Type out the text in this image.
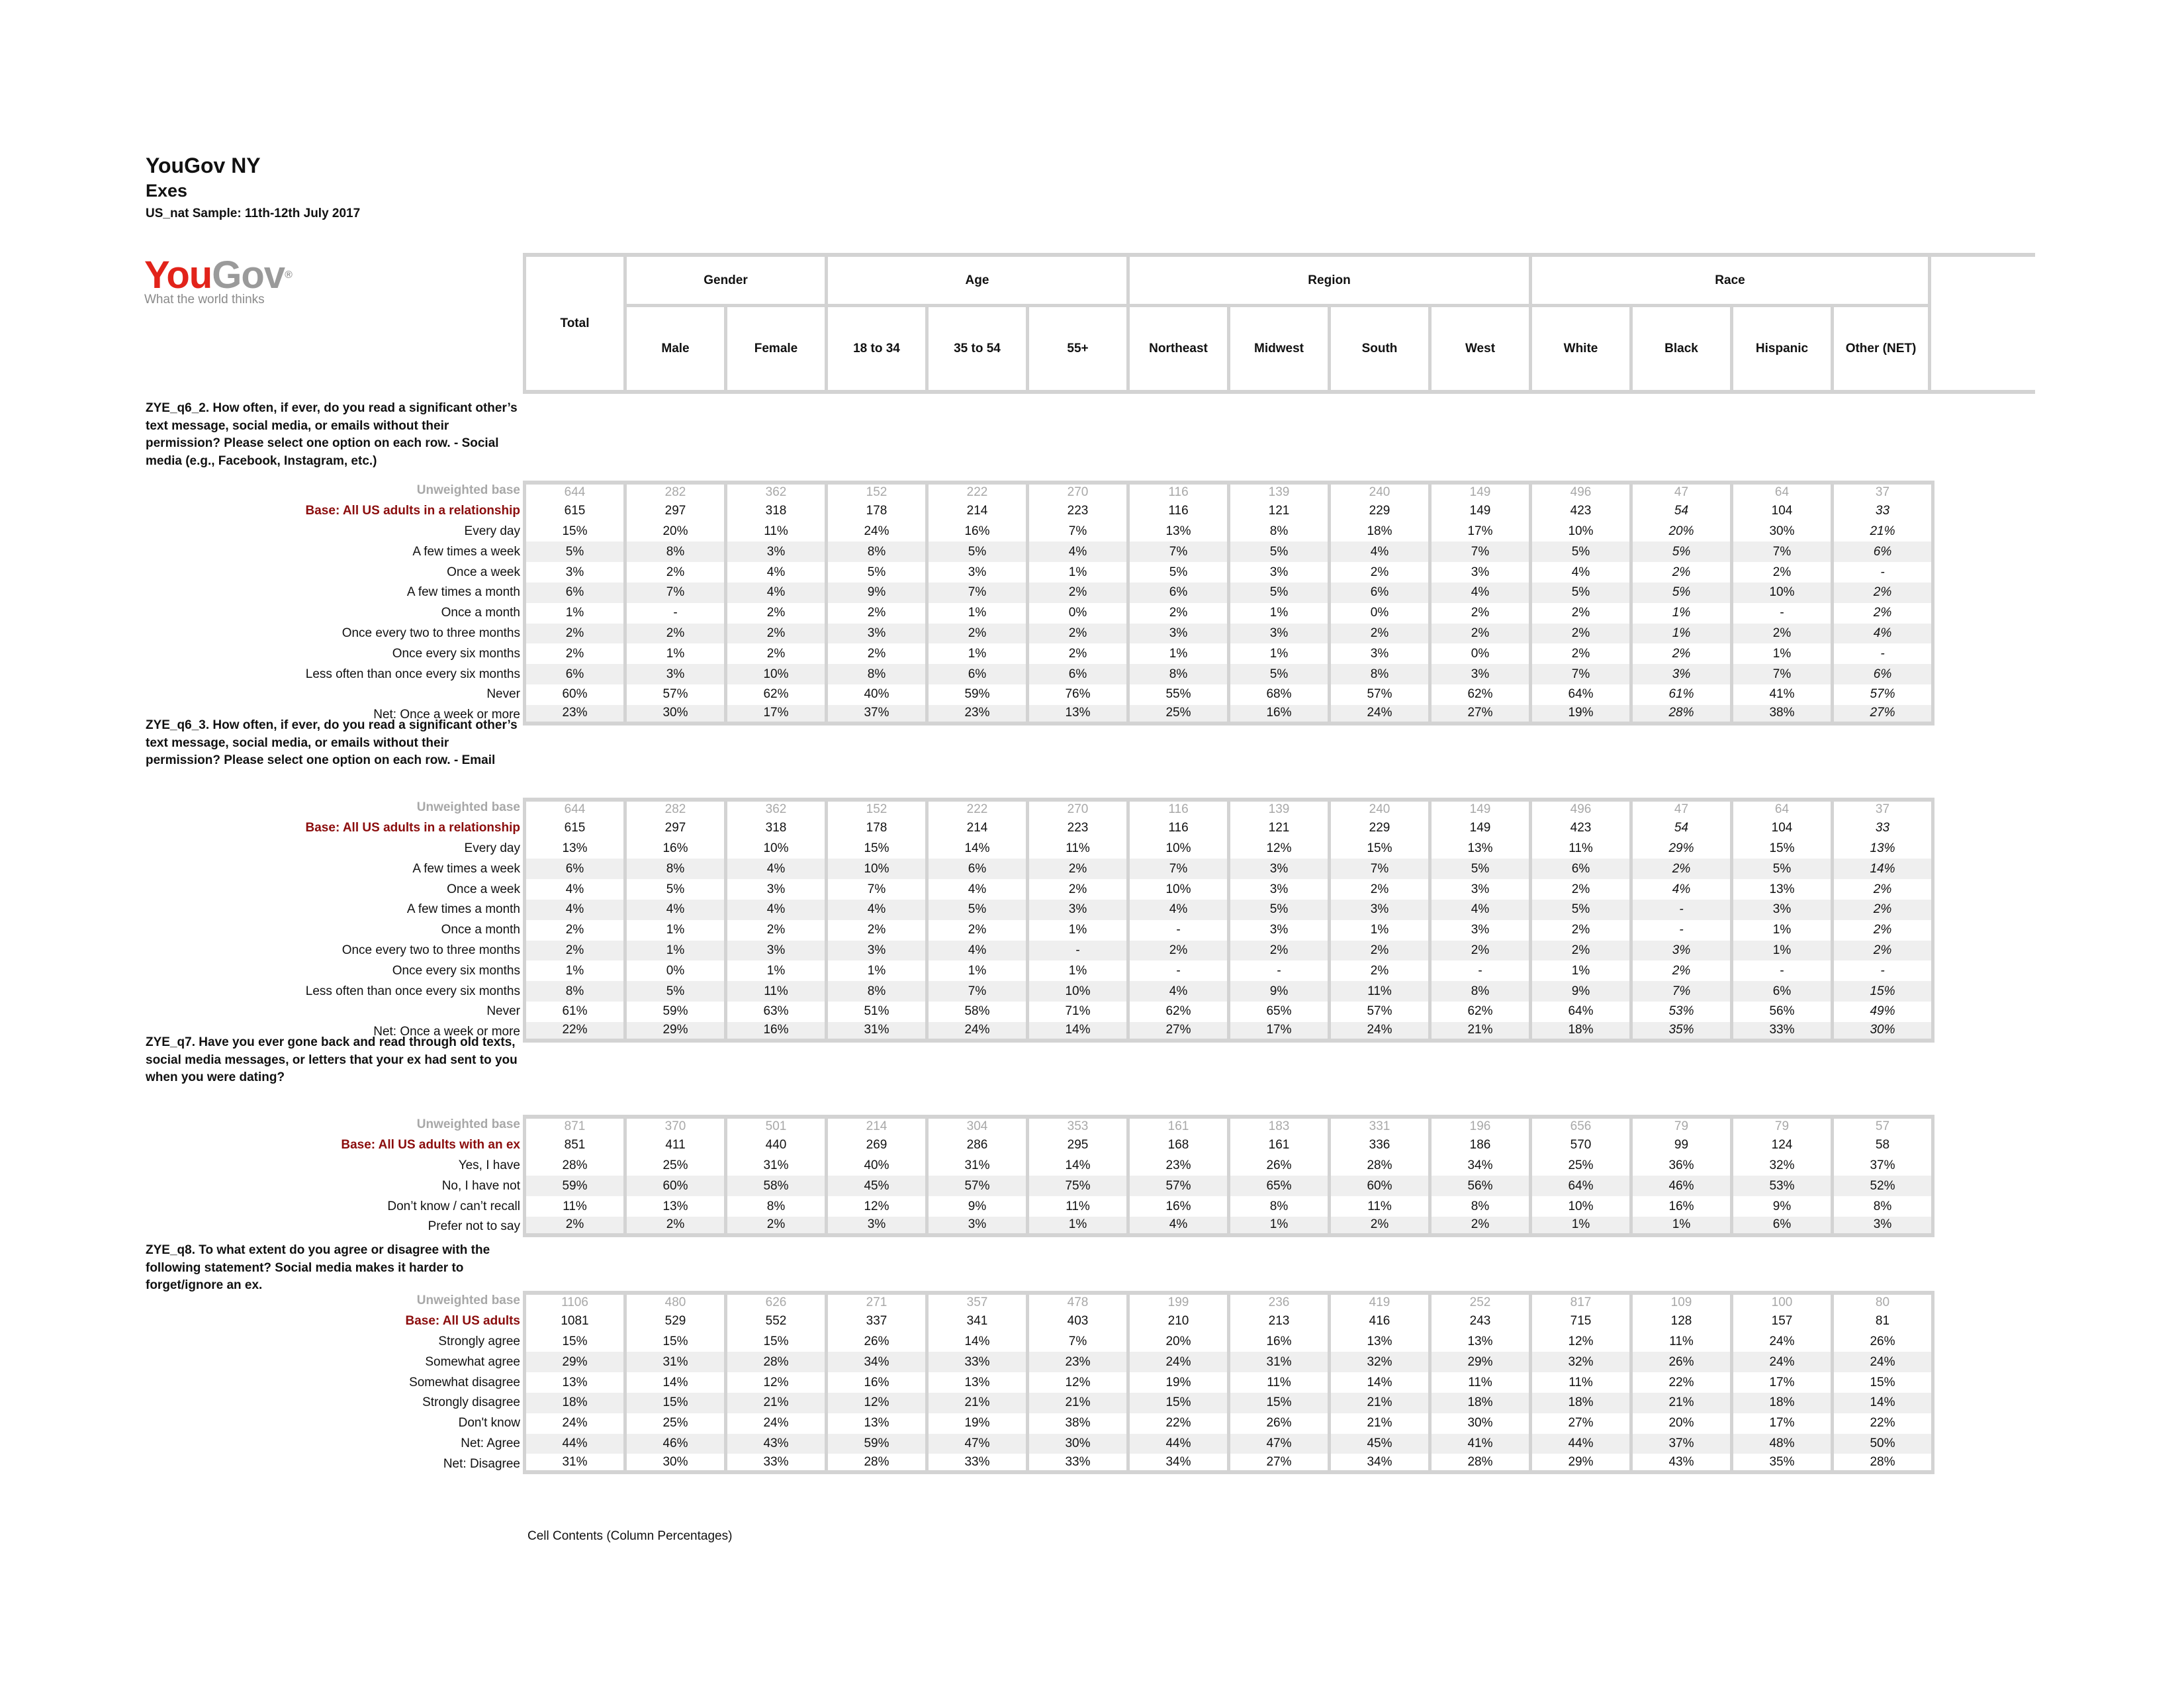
YouGov NY
Exes
US_nat Sample: 11th-12th July 2017
YouGov®
What the world thinks
Total	Gender		Age			Region				Race			
	Male	Female	18 to 34	35 to 54	55+	Northeast	Midwest	South	West	White	Black	Hispanic	Other (NET)
ZYE_q6_2. How often, if ever, do you read a significant other’s text message, social media, or emails without their permission? Please select one option on each row. - Social media (e.g., Facebook, Instagram, etc.)
Unweighted base	644	282	362	152	222	270	116	139	240	149	496	47	64	37
Base: All US adults in a relationship	615	297	318	178	214	223	116	121	229	149	423	54	104	33
Every day	15%	20%	11%	24%	16%	7%	13%	8%	18%	17%	10%	20%	30%	21%
A few times a week	5%	8%	3%	8%	5%	4%	7%	5%	4%	7%	5%	5%	7%	6%
Once a week	3%	2%	4%	5%	3%	1%	5%	3%	2%	3%	4%	2%	2%	-
A few times a month	6%	7%	4%	9%	7%	2%	6%	5%	6%	4%	5%	5%	10%	2%
Once a month	1%	-	2%	2%	1%	0%	2%	1%	0%	2%	2%	1%	-	2%
Once every two to three months	2%	2%	2%	3%	2%	2%	3%	3%	2%	2%	2%	1%	2%	4%
Once every six months	2%	1%	2%	2%	1%	2%	1%	1%	3%	0%	2%	2%	1%	-
Less often than once every six months	6%	3%	10%	8%	6%	6%	8%	5%	8%	3%	7%	3%	7%	6%
Never	60%	57%	62%	40%	59%	76%	55%	68%	57%	62%	64%	61%	41%	57%
Net: Once a week or more	23%	30%	17%	37%	23%	13%	25%	16%	24%	27%	19%	28%	38%	27%
ZYE_q6_3. How often, if ever, do you read a significant other’s text message, social media, or emails without their permission? Please select one option on each row. - Email
Unweighted base	644	282	362	152	222	270	116	139	240	149	496	47	64	37
Base: All US adults in a relationship	615	297	318	178	214	223	116	121	229	149	423	54	104	33
Every day	13%	16%	10%	15%	14%	11%	10%	12%	15%	13%	11%	29%	15%	13%
A few times a week	6%	8%	4%	10%	6%	2%	7%	3%	7%	5%	6%	2%	5%	14%
Once a week	4%	5%	3%	7%	4%	2%	10%	3%	2%	3%	2%	4%	13%	2%
A few times a month	4%	4%	4%	4%	5%	3%	4%	5%	3%	4%	5%	-	3%	2%
Once a month	2%	1%	2%	2%	2%	1%	-	3%	1%	3%	2%	-	1%	2%
Once every two to three months	2%	1%	3%	3%	4%	-	2%	2%	2%	2%	2%	3%	1%	2%
Once every six months	1%	0%	1%	1%	1%	1%	-	-	2%	-	1%	2%	-	-
Less often than once every six months	8%	5%	11%	8%	7%	10%	4%	9%	11%	8%	9%	7%	6%	15%
Never	61%	59%	63%	51%	58%	71%	62%	65%	57%	62%	64%	53%	56%	49%
Net: Once a week or more	22%	29%	16%	31%	24%	14%	27%	17%	24%	21%	18%	35%	33%	30%
ZYE_q7. Have you ever gone back and read through old texts, social media messages, or letters that your ex had sent to you when you were dating?
Unweighted base	871	370	501	214	304	353	161	183	331	196	656	79	79	57
Base: All US adults with an ex	851	411	440	269	286	295	168	161	336	186	570	99	124	58
Yes, I have	28%	25%	31%	40%	31%	14%	23%	26%	28%	34%	25%	36%	32%	37%
No, I have not	59%	60%	58%	45%	57%	75%	57%	65%	60%	56%	64%	46%	53%	52%
Don’t know / can’t recall	11%	13%	8%	12%	9%	11%	16%	8%	11%	8%	10%	16%	9%	8%
Prefer not to say	2%	2%	2%	3%	3%	1%	4%	1%	2%	2%	1%	1%	6%	3%
ZYE_q8. To what extent do you agree or disagree with the following statement? Social media makes it harder to forget/ignore an ex.
Unweighted base	1106	480	626	271	357	478	199	236	419	252	817	109	100	80
Base: All US adults	1081	529	552	337	341	403	210	213	416	243	715	128	157	81
Strongly agree	15%	15%	15%	26%	14%	7%	20%	16%	13%	13%	12%	11%	24%	26%
Somewhat agree	29%	31%	28%	34%	33%	23%	24%	31%	32%	29%	32%	26%	24%	24%
Somewhat disagree	13%	14%	12%	16%	13%	12%	19%	11%	14%	11%	11%	22%	17%	15%
Strongly disagree	18%	15%	21%	12%	21%	21%	15%	15%	21%	18%	18%	21%	18%	14%
Don't know	24%	25%	24%	13%	19%	38%	22%	26%	21%	30%	27%	20%	17%	22%
Net: Agree	44%	46%	43%	59%	47%	30%	44%	47%	45%	41%	44%	37%	48%	50%
Net: Disagree	31%	30%	33%	28%	33%	33%	34%	27%	34%	28%	29%	43%	35%	28%
Cell Contents (Column Percentages)
